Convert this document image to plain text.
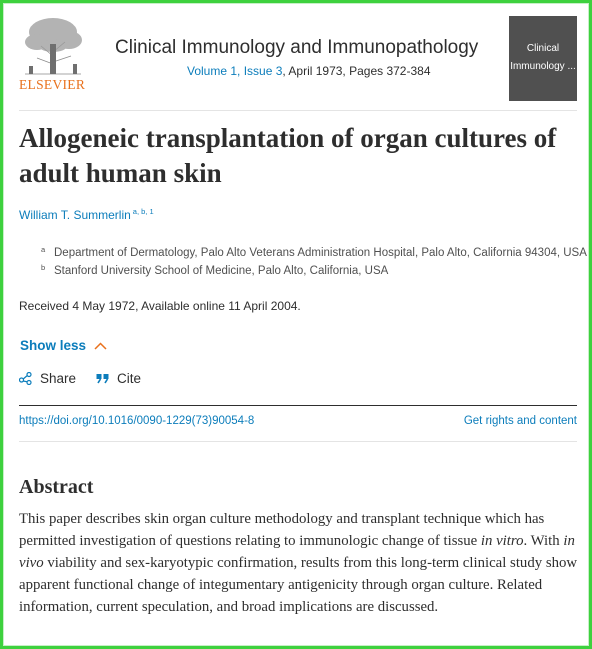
ELSEVIER
Clinical Immunology and Immunopathology
Volume 1, Issue 3, April 1973, Pages 372-384
Clinical
Immunology ...
Allogeneic transplantation of organ cultures of adult human skin
William T. Summerlin $^{a, b, 1}$
a Department of Dermatology, Palo Alto Veterans Administration Hospital, Palo Alto, California 94304, USA
b Stanford University School of Medicine, Palo Alto, California, USA
Received 4 May 1972, Available online 11 April 2004.
Show less
Share	Cite
https://doi.org/10.1016/0090-1229(73)90054-8	Get rights and content
Abstract

This paper describes skin organ culture methodology and transplant technique which has permitted investigation of questions relating to immunologic change of tissue in vitro. With in vivo viability and sex-karyotypic confirmation, results from this long-term clinical study show apparent functional change of integumentary antigenicity through organ culture. Related information, current speculation, and broad implications are discussed.
